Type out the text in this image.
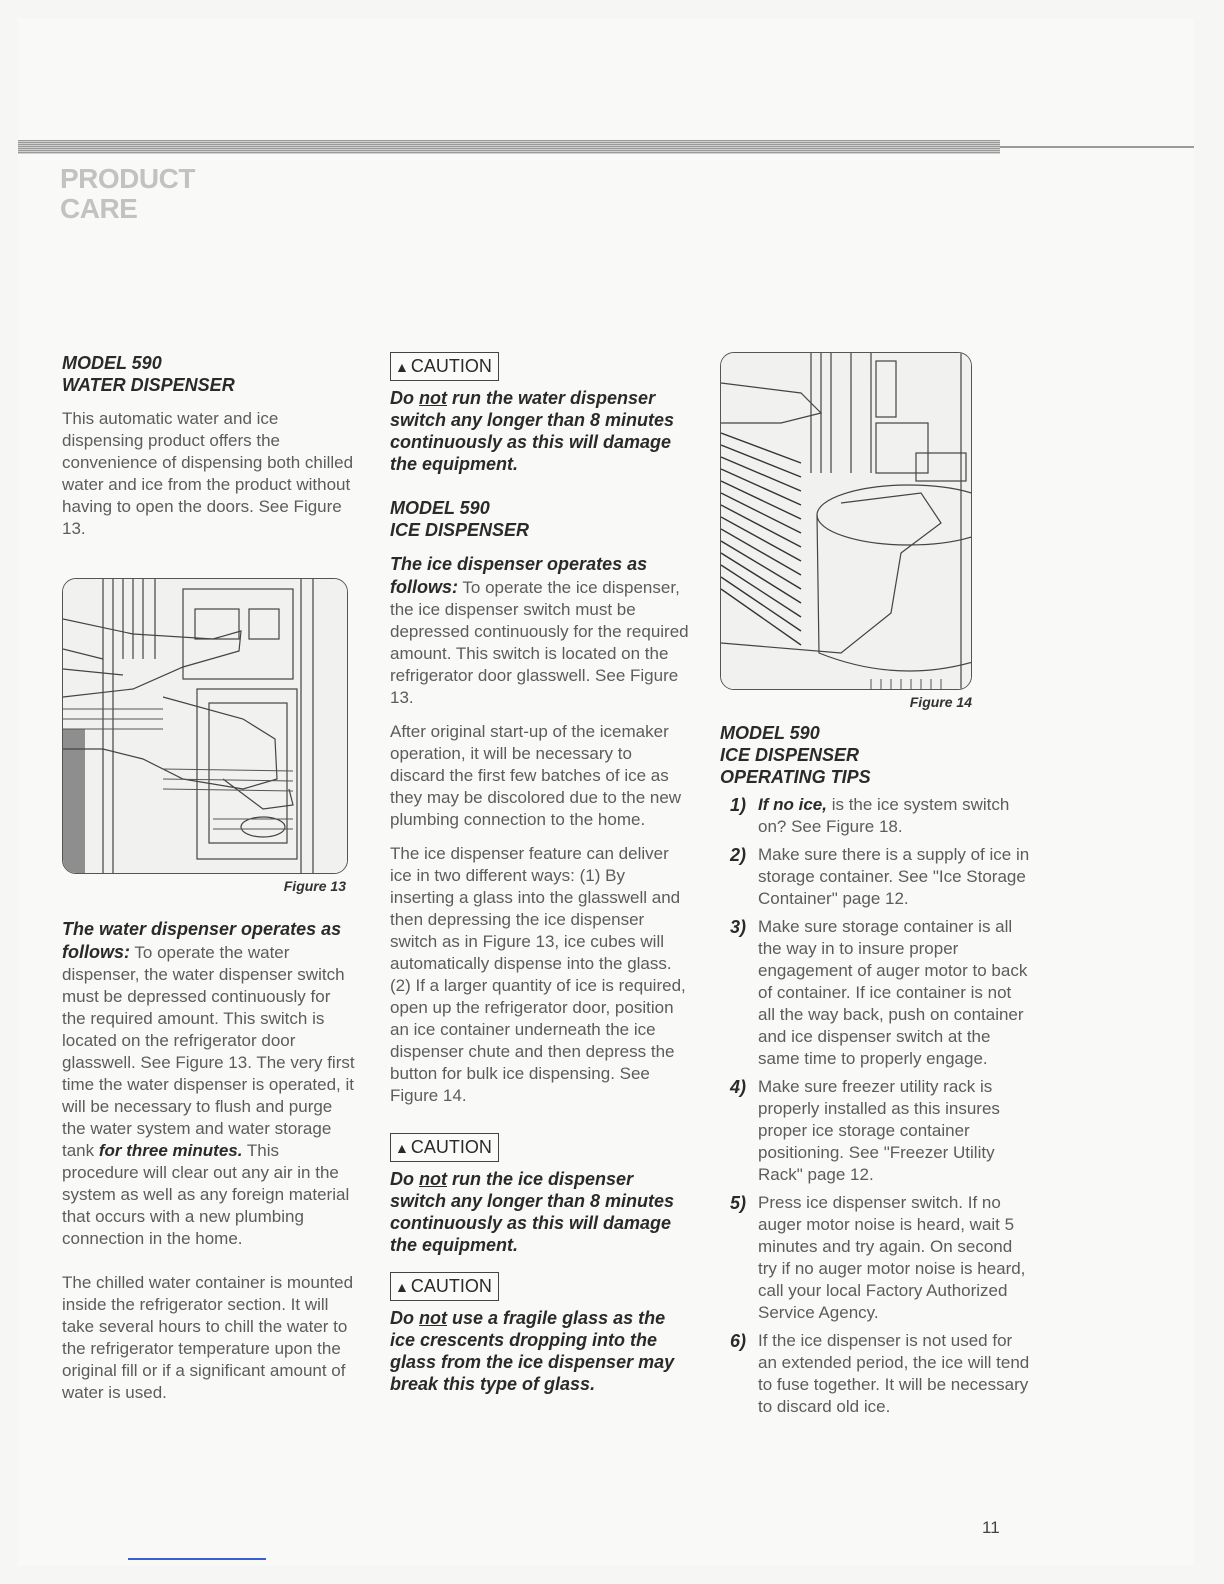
PRODUCT
CARE

MODEL 590
WATER DISPENSER

This automatic water and ice dispensing product offers the convenience of dispensing both chilled water and ice from the product without having to open the doors. See Figure 13.

Figure 13

The water dispenser operates as follows: To operate the water dispenser, the water dispenser switch must be depressed continuously for the required amount. This switch is located on the refrigerator door glasswell. See Figure 13. The very first time the water dispenser is operated, it will be necessary to flush and purge the water system and water storage tank for three minutes. This procedure will clear out any air in the system as well as any foreign material that occurs with a new plumbing connection in the home.

The chilled water container is mounted inside the refrigerator section. It will take several hours to chill the water to the refrigerator temperature upon the original fill or if a significant amount of water is used.

▲ CAUTION

Do not run the water dispenser switch any longer than 8 minutes continuously as this will damage the equipment.

MODEL 590
ICE DISPENSER

The ice dispenser operates as follows: To operate the ice dispenser, the ice dispenser switch must be depressed continuously for the required amount. This switch is located on the refrigerator door glasswell. See Figure 13.

After original start-up of the icemaker operation, it will be necessary to discard the first few batches of ice as they may be discolored due to the new plumbing connection to the home.

The ice dispenser feature can deliver ice in two different ways: (1) By inserting a glass into the glasswell and then depressing the ice dispenser switch as in Figure 13, ice cubes will automatically dispense into the glass. (2) If a larger quantity of ice is required, open up the refrigerator door, position an ice container underneath the ice dispenser chute and then depress the button for bulk ice dispensing. See Figure 14.

▲ CAUTION

Do not run the ice dispenser switch any longer than 8 minutes continuously as this will damage the equipment.

▲ CAUTION

Do not use a fragile glass as the ice crescents dropping into the glass from the ice dispenser may break this type of glass.

Figure 14

MODEL 590
ICE DISPENSER
OPERATING TIPS

1) If no ice, is the ice system switch on? See Figure 18.
2) Make sure there is a supply of ice in storage container. See "Ice Storage Container" page 12.
3) Make sure storage container is all the way in to insure proper engagement of auger motor to back of container. If ice container is not all the way back, push on container and ice dispenser switch at the same time to properly engage.
4) Make sure freezer utility rack is properly installed as this insures proper ice storage container positioning. See "Freezer Utility Rack" page 12.
5) Press ice dispenser switch. If no auger motor noise is heard, wait 5 minutes and try again. On second try if no auger motor noise is heard, call your local Factory Authorized Service Agency.
6) If the ice dispenser is not used for an extended period, the ice will tend to fuse together. It will be necessary to discard old ice.
11
